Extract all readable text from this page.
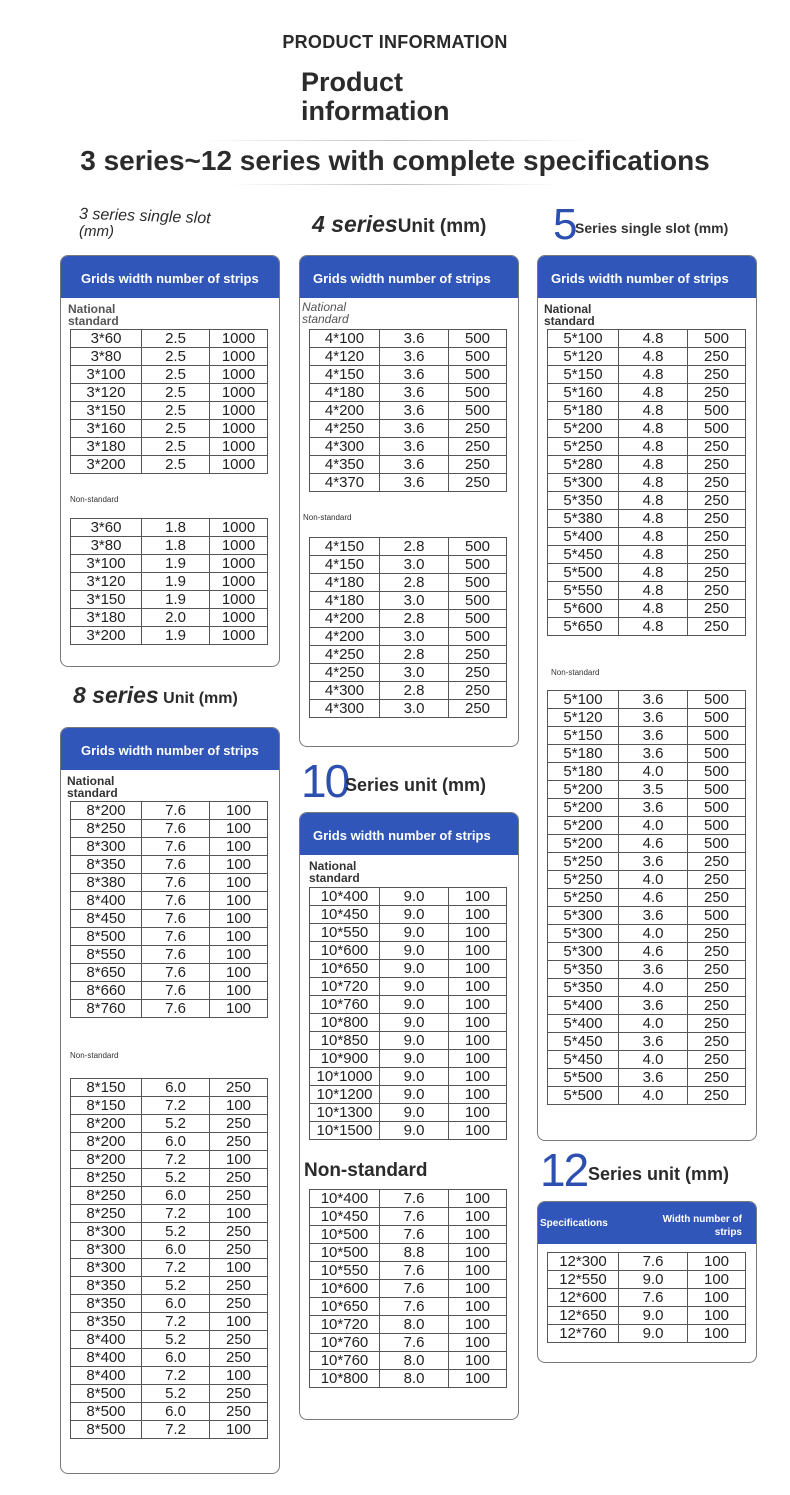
PRODUCT INFORMATION
Product
information
3 series~12 series with complete specifications
3 series single slot
(mm)
Grids width number of strips
National
standard
3*60	2.5	1000
3*80	2.5	1000
3*100	2.5	1000
3*120	2.5	1000
3*150	2.5	1000
3*160	2.5	1000
3*180	2.5	1000
3*200	2.5	1000
Non-standard
3*60	1.8	1000
3*80	1.8	1000
3*100	1.9	1000
3*120	1.9	1000
3*150	1.9	1000
3*180	2.0	1000
3*200	1.9	1000
4 seriesUnit (mm)
Grids width number of strips
National
standard
4*100	3.6	500
4*120	3.6	500
4*150	3.6	500
4*180	3.6	500
4*200	3.6	500
4*250	3.6	250
4*300	3.6	250
4*350	3.6	250
4*370	3.6	250
Non-standard
4*150	2.8	500
4*150	3.0	500
4*180	2.8	500
4*180	3.0	500
4*200	2.8	500
4*200	3.0	500
4*250	2.8	250
4*250	3.0	250
4*300	2.8	250
4*300	3.0	250
5 Series single slot (mm)
Grids width number of strips
National
standard
5*100	4.8	500
5*120	4.8	250
5*150	4.8	250
5*160	4.8	250
5*180	4.8	500
5*200	4.8	500
5*250	4.8	250
5*280	4.8	250
5*300	4.8	250
5*350	4.8	250
5*380	4.8	250
5*400	4.8	250
5*450	4.8	250
5*500	4.8	250
5*550	4.8	250
5*600	4.8	250
5*650	4.8	250
Non-standard
5*100	3.6	500
5*120	3.6	500
5*150	3.6	500
5*180	3.6	500
5*180	4.0	500
5*200	3.5	500
5*200	3.6	500
5*200	4.0	500
5*200	4.6	500
5*250	3.6	250
5*250	4.0	250
5*250	4.6	250
5*300	3.6	500
5*300	4.0	250
5*300	4.6	250
5*350	3.6	250
5*350	4.0	250
5*400	3.6	250
5*400	4.0	250
5*450	3.6	250
5*450	4.0	250
5*500	3.6	250
5*500	4.0	250
8 series Unit (mm)
Grids width number of strips
National
standard
8*200	7.6	100
8*250	7.6	100
8*300	7.6	100
8*350	7.6	100
8*380	7.6	100
8*400	7.6	100
8*450	7.6	100
8*500	7.6	100
8*550	7.6	100
8*650	7.6	100
8*660	7.6	100
8*760	7.6	100
Non-standard
8*150	6.0	250
8*150	7.2	100
8*200	5.2	250
8*200	6.0	250
8*200	7.2	100
8*250	5.2	250
8*250	6.0	250
8*250	7.2	100
8*300	5.2	250
8*300	6.0	250
8*300	7.2	100
8*350	5.2	250
8*350	6.0	250
8*350	7.2	100
8*400	5.2	250
8*400	6.0	250
8*400	7.2	100
8*500	5.2	250
8*500	6.0	250
8*500	7.2	100
10
Series unit (mm)
Grids width number of strips
National
standard
10*400	9.0	100
10*450	9.0	100
10*550	9.0	100
10*600	9.0	100
10*650	9.0	100
10*720	9.0	100
10*760	9.0	100
10*800	9.0	100
10*850	9.0	100
10*900	9.0	100
10*1000	9.0	100
10*1200	9.0	100
10*1300	9.0	100
10*1500	9.0	100
Non-standard
10*400	7.6	100
10*450	7.6	100
10*500	7.6	100
10*500	8.8	100
10*550	7.6	100
10*600	7.6	100
10*650	7.6	100
10*720	8.0	100
10*760	7.6	100
10*760	8.0	100
10*800	8.0	100
12 Series unit (mm)
Specifications	Width number of
strips
12*300	7.6	100
12*550	9.0	100
12*600	7.6	100
12*650	9.0	100
12*760	9.0	100
